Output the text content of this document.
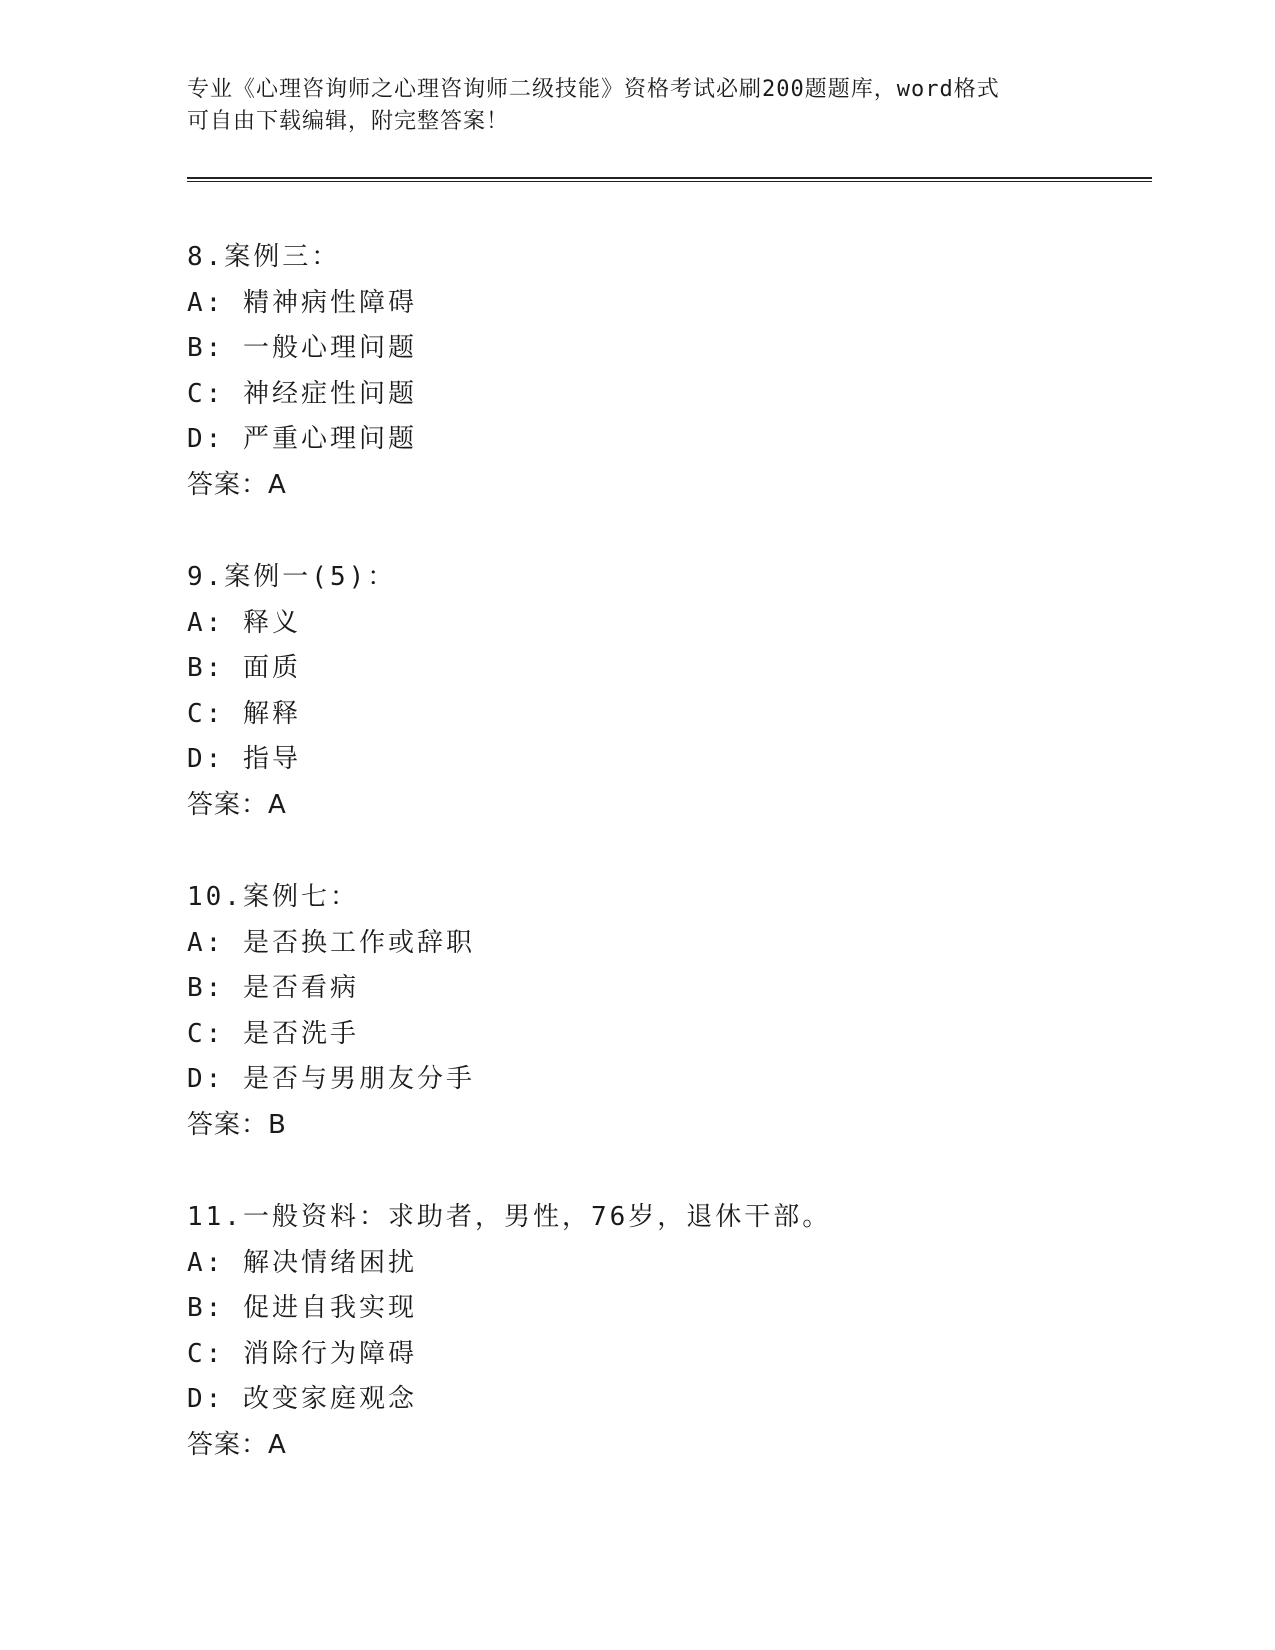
专业《心理咨询师之心理咨询师二级技能》资格考试必刷200题题库，word格式
可自由下载编辑，附完整答案！
8.案例三：
A: 精神病性障碍
B: 一般心理问题
C: 神经症性问题
D: 严重心理问题
答案：A
9.案例一(5)：
A: 释义
B: 面质
C: 解释
D: 指导
答案：A
10.案例七：
A: 是否换工作或辞职
B: 是否看病
C: 是否洗手
D: 是否与男朋友分手
答案：B
11.一般资料：求助者，男性，76岁，退休干部。
A: 解决情绪困扰
B: 促进自我实现
C: 消除行为障碍
D: 改变家庭观念
答案：A
